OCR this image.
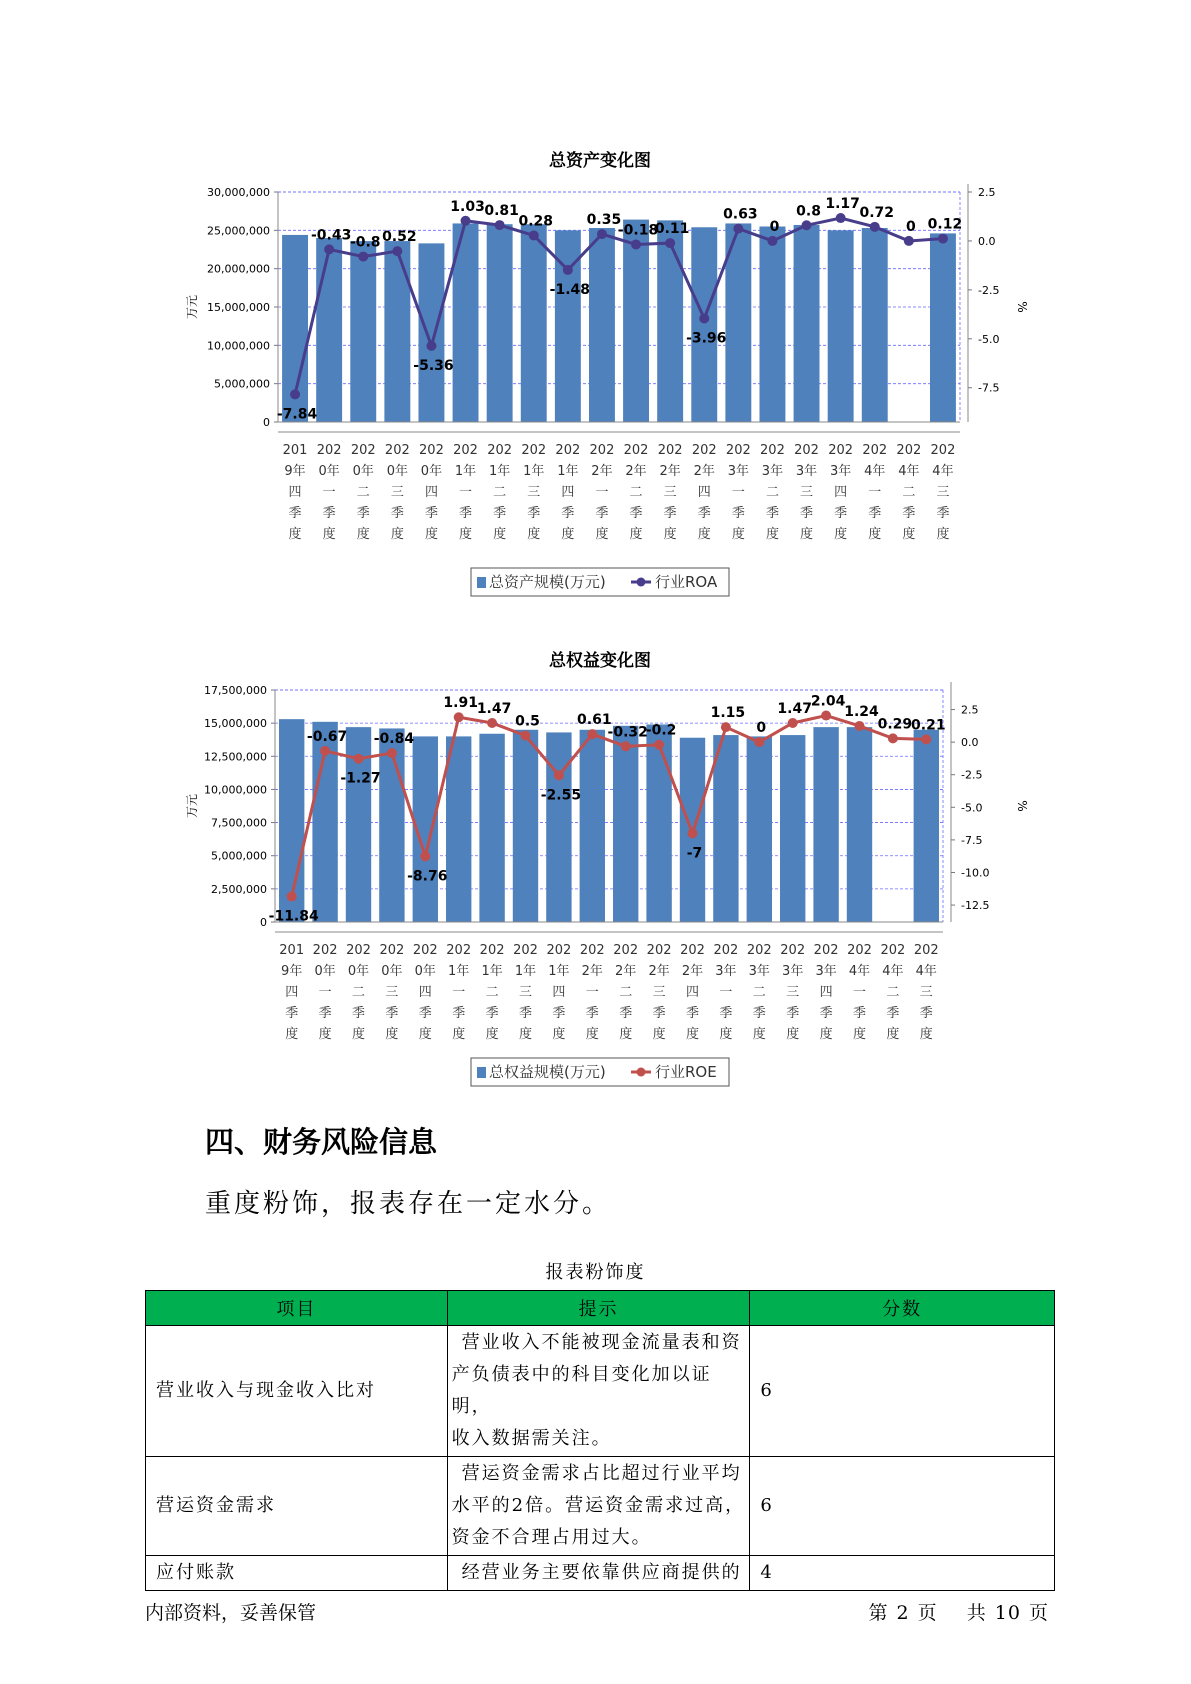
总资产变化图
0
5,000,000
10,000,000
15,000,000
20,000,000
25,000,000
30,000,000
万元
2.5
0.0
-2.5
-5.0
-7.5
%
201
9年
四
季
度
202
0年
一
季
度
202
0年
二
季
度
202
0年
三
季
度
202
0年
四
季
度
202
1年
一
季
度
202
1年
二
季
度
202
1年
三
季
度
202
1年
四
季
度
202
2年
一
季
度
202
2年
二
季
度
202
2年
三
季
度
202
2年
四
季
度
202
3年
一
季
度
202
3年
二
季
度
202
3年
三
季
度
202
3年
四
季
度
202
4年
一
季
度
202
4年
二
季
度
202
4年
三
季
度
-7.84
-0.43
-0.8 0.52
-5.36
1.03 0.81
0.28
-1.48
0.35
-0.18
0.11
-3.96
0.63
0
0.8 1.17
0.72
0 0.12
总资产规模(万元)	行业ROA
总权益变化图
0
2,500,000
5,000,000
7,500,000
10,000,000
12,500,000
15,000,000
17,500,000
万元
2.5
0.0
-2.5
-5.0
-7.5
-10.0
-12.5
%
201
9年
四
季
度
202
0年
一
季
度
202
0年
二
季
度
202
0年
三
季
度
202
0年
四
季
度
202
1年
一
季
度
202
1年
二
季
度
202
1年
三
季
度
202
1年
四
季
度
202
2年
一
季
度
202
2年
二
季
度
202
2年
三
季
度
202
2年
四
季
度
202
3年
一
季
度
202
3年
二
季
度
202
3年
三
季
度
202
3年
四
季
度
202
4年
一
季
度
202
4年
二
季
度
202
4年
三
季
度
-11.84
-0.67
-1.27
-0.84
-8.76
1.91
1.47
0.5
-2.55
0.61
-0.32
-0.2
-7
1.15
0
1.47
2.04
1.24
0.29
0.21
总权益规模(万元)	行业ROE
四、财务风险信息

重度粉饰，报表存在一定水分。

报表粉饰度
项目	提示	分数
营业收入与现金收入比对	营业收入不能被现金流量表和资
产负债表中的科目变化加以证明，
收入数据需关注。	6
营运资金需求	营运资金需求占比超过行业平均
水平的2倍。营运资金需求过高，
资金不合理占用过大。	6
应付账款	经营业务主要依靠供应商提供的	4
内部资料，妥善保管	第 2 页 共 10 页
